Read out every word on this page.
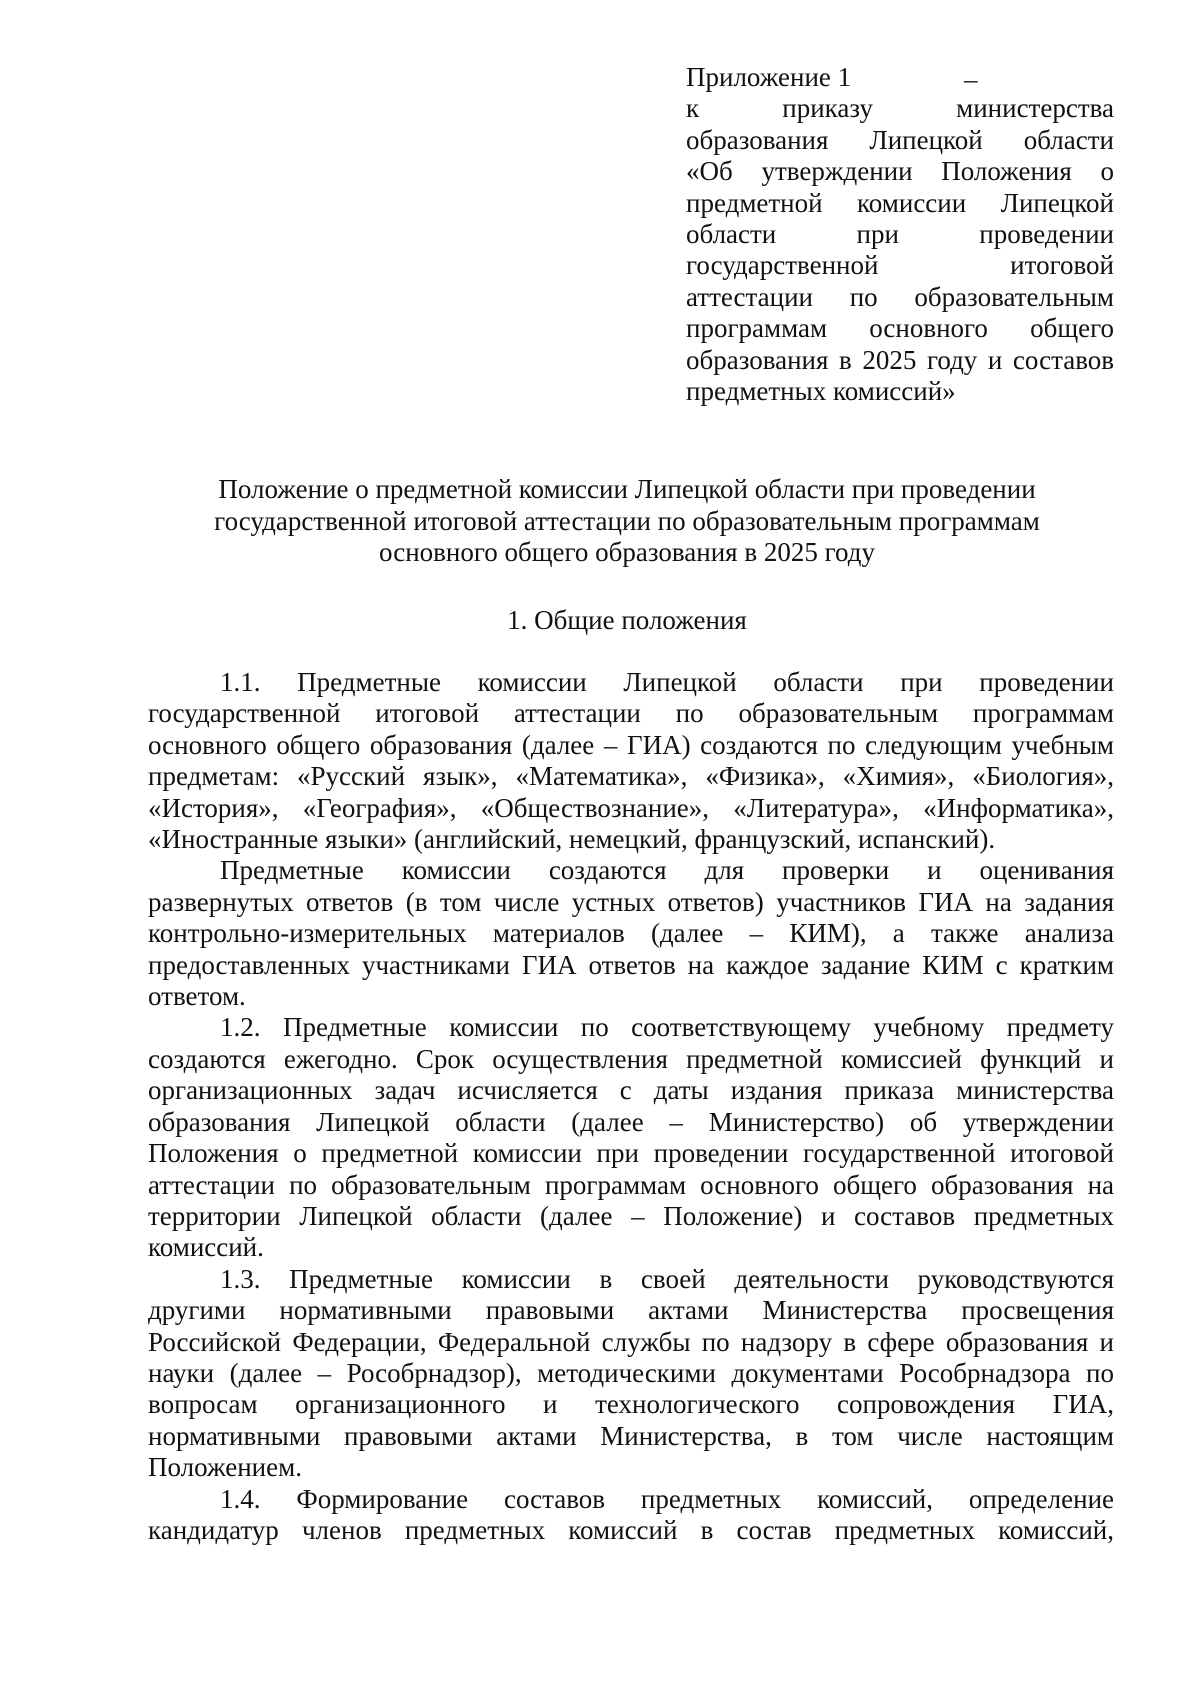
–
Приложение 1
к приказу министерства
образования Липецкой области
«Об утверждении Положения о
предметной комиссии Липецкой
области при проведении
государственной итоговой
аттестации по образовательным
программам основного общего
образования в 2025 году и составов
предметных комиссий»
Положение о предметной комиссии Липецкой области при проведении
государственной итоговой аттестации по образовательным программам
основного общего образования в 2025 году
1. Общие положения
1.1. Предметные комиссии Липецкой области при проведении
государственной итоговой аттестации по образовательным программам
основного общего образования (далее – ГИА) создаются по следующим учебным
предметам: «Русский язык», «Математика», «Физика», «Химия», «Биология»,
«История», «География», «Обществознание», «Литература», «Информатика»,
«Иностранные языки» (английский, немецкий, французский, испанский).
Предметные комиссии создаются для проверки и оценивания
развернутых ответов (в том числе устных ответов) участников ГИА на задания
контрольно-измерительных материалов (далее – КИМ), а также анализа
предоставленных участниками ГИА ответов на каждое задание КИМ с кратким
ответом.
1.2. Предметные комиссии по соответствующему учебному предмету
создаются ежегодно. Срок осуществления предметной комиссией функций и
организационных задач исчисляется с даты издания приказа министерства
образования Липецкой области (далее – Министерство) об утверждении
Положения о предметной комиссии при проведении государственной итоговой
аттестации по образовательным программам основного общего образования на
территории Липецкой области (далее – Положение) и составов предметных
комиссий.
1.3. Предметные комиссии в своей деятельности руководствуются
другими нормативными правовыми актами Министерства просвещения
Российской Федерации, Федеральной службы по надзору в сфере образования и
науки (далее – Рособрнадзор), методическими документами Рособрнадзора по
вопросам организационного и технологического сопровождения ГИА,
нормативными правовыми актами Министерства, в том числе настоящим
Положением.
1.4. Формирование составов предметных комиссий, определение
кандидатур членов предметных комиссий в состав предметных комиссий,
